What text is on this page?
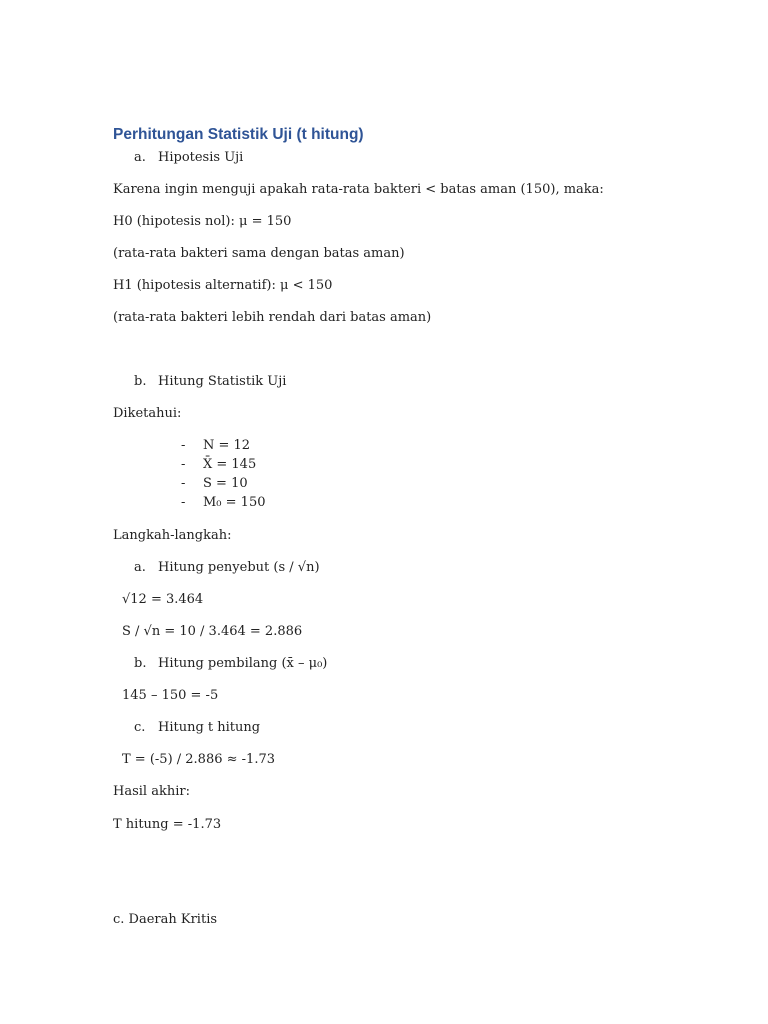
Perhitungan Statistik Uji (t hitung)
a. Hipotesis Uji
Karena ingin menguji apakah rata-rata bakteri < batas aman (150), maka:
H0 (hipotesis nol): μ = 150
(rata-rata bakteri sama dengan batas aman)
H1 (hipotesis alternatif): μ < 150
(rata-rata bakteri lebih rendah dari batas aman)
b. Hitung Statistik Uji
Diketahui:
- N = 12
- X̄ = 145
- S = 10
- M₀ = 150
Langkah-langkah:
a. Hitung penyebut (s / √n)
√12 = 3.464
S / √n = 10 / 3.464 = 2.886
b. Hitung pembilang (x̄ – μ₀)
145 – 150 = -5
c. Hitung t hitung
T = (-5) / 2.886 ≈ -1.73
Hasil akhir:
T hitung = -1.73
c. Daerah Kritis
